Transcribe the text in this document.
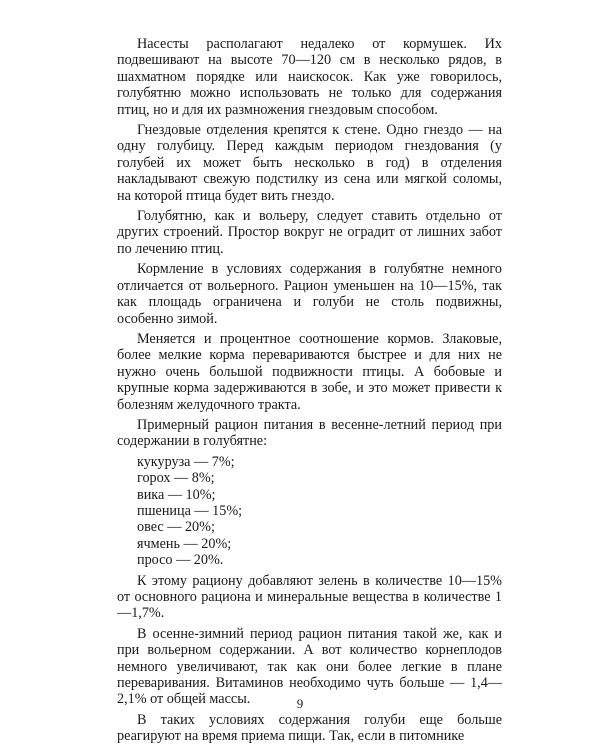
Насесты располагают недалеко от кормушек. Их подвешивают на высоте 70—120 см в несколько рядов, в шахматном порядке или наискосок. Как уже говорилось, голубятню можно использовать не только для содержания птиц, но и для их размножения гнездовым способом.

Гнездовые отделения крепятся к стене. Одно гнездо — на одну голубицу. Перед каждым периодом гнездования (у голубей их может быть несколько в год) в отделения накладывают свежую подстилку из сена или мягкой соломы, на которой птица будет вить гнездо.

Голубятню, как и вольеру, следует ставить отдельно от других строений. Простор вокруг не оградит от лишних забот по лечению птиц.

Кормление в условиях содержания в голубятне немного отличается от вольерного. Рацион уменьшен на 10—15%, так как площадь ограничена и голуби не столь подвижны, особенно зимой.

Меняется и процентное соотношение кормов. Злаковые, более мелкие корма перевариваются быстрее и для них не нужно очень большой подвижности птицы. А бобовые и крупные корма задерживаются в зобе, и это может привести к болезням желудочного тракта.

Примерный рацион питания в весенне-летний период при содержании в голубятне:

кукуруза — 7%;
горох — 8%;
вика — 10%;
пшеница — 15%;
овес — 20%;
ячмень — 20%;
просо — 20%.

К этому рациону добавляют зелень в количестве 10—15% от основного рациона и минеральные вещества в количестве 1—1,7%.

В осенне-зимний период рацион питания такой же, как и при вольерном содержании. А вот количество корнеплодов немного увеличивают, так как они более легкие в плане переваривания. Витаминов необходимо чуть больше — 1,4—2,1% от общей массы.

В таких условиях содержания голуби еще больше реагируют на время приема пищи. Так, если в питомнике

9
